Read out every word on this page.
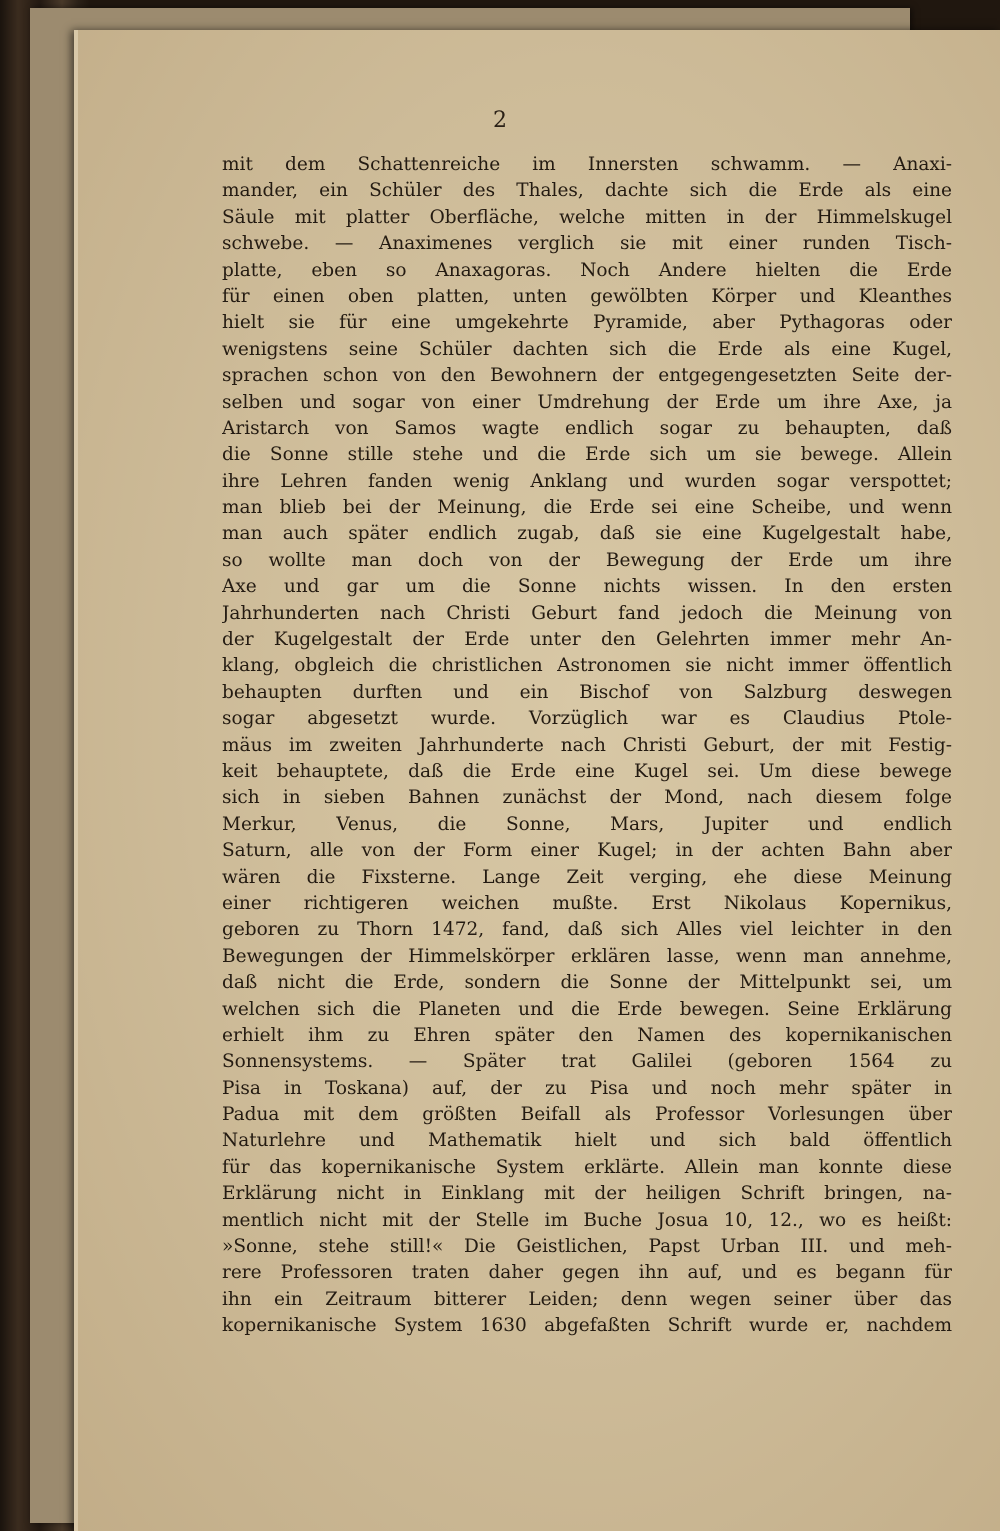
2
mit dem Schattenreiche im Innersten schwamm. — Anaxi-
mander, ein Schüler des Thales, dachte sich die Erde als eine
Säule mit platter Oberfläche, welche mitten in der Himmelskugel
schwebe. — Anaximenes verglich sie mit einer runden Tisch-
platte, eben so Anaxagoras. Noch Andere hielten die Erde
für einen oben platten, unten gewölbten Körper und Kleanthes
hielt sie für eine umgekehrte Pyramide, aber Pythagoras oder
wenigstens seine Schüler dachten sich die Erde als eine Kugel,
sprachen schon von den Bewohnern der entgegengesetzten Seite der-
selben und sogar von einer Umdrehung der Erde um ihre Axe, ja
Aristarch von Samos wagte endlich sogar zu behaupten, daß
die Sonne stille stehe und die Erde sich um sie bewege. Allein
ihre Lehren fanden wenig Anklang und wurden sogar verspottet;
man blieb bei der Meinung, die Erde sei eine Scheibe, und wenn
man auch später endlich zugab, daß sie eine Kugelgestalt habe,
so wollte man doch von der Bewegung der Erde um ihre
Axe und gar um die Sonne nichts wissen. In den ersten
Jahrhunderten nach Christi Geburt fand jedoch die Meinung von
der Kugelgestalt der Erde unter den Gelehrten immer mehr An-
klang, obgleich die christlichen Astronomen sie nicht immer öffentlich
behaupten durften und ein Bischof von Salzburg deswegen
sogar abgesetzt wurde. Vorzüglich war es Claudius Ptole-
mäus im zweiten Jahrhunderte nach Christi Geburt, der mit Festig-
keit behauptete, daß die Erde eine Kugel sei. Um diese bewege
sich in sieben Bahnen zunächst der Mond, nach diesem folge
Merkur, Venus, die Sonne, Mars, Jupiter und endlich
Saturn, alle von der Form einer Kugel; in der achten Bahn aber
wären die Fixsterne. Lange Zeit verging, ehe diese Meinung
einer richtigeren weichen mußte. Erst Nikolaus Kopernikus,
geboren zu Thorn 1472, fand, daß sich Alles viel leichter in den
Bewegungen der Himmelskörper erklären lasse, wenn man annehme,
daß nicht die Erde, sondern die Sonne der Mittelpunkt sei, um
welchen sich die Planeten und die Erde bewegen. Seine Erklärung
erhielt ihm zu Ehren später den Namen des kopernikanischen
Sonnensystems. — Später trat Galilei (geboren 1564 zu
Pisa in Toskana) auf, der zu Pisa und noch mehr später in
Padua mit dem größten Beifall als Professor Vorlesungen über
Naturlehre und Mathematik hielt und sich bald öffentlich
für das kopernikanische System erklärte. Allein man konnte diese
Erklärung nicht in Einklang mit der heiligen Schrift bringen, na-
mentlich nicht mit der Stelle im Buche Josua 10, 12., wo es heißt:
»Sonne, stehe still!« Die Geistlichen, Papst Urban III. und meh-
rere Professoren traten daher gegen ihn auf, und es begann für
ihn ein Zeitraum bitterer Leiden; denn wegen seiner über das
kopernikanische System 1630 abgefaßten Schrift wurde er, nachdem
